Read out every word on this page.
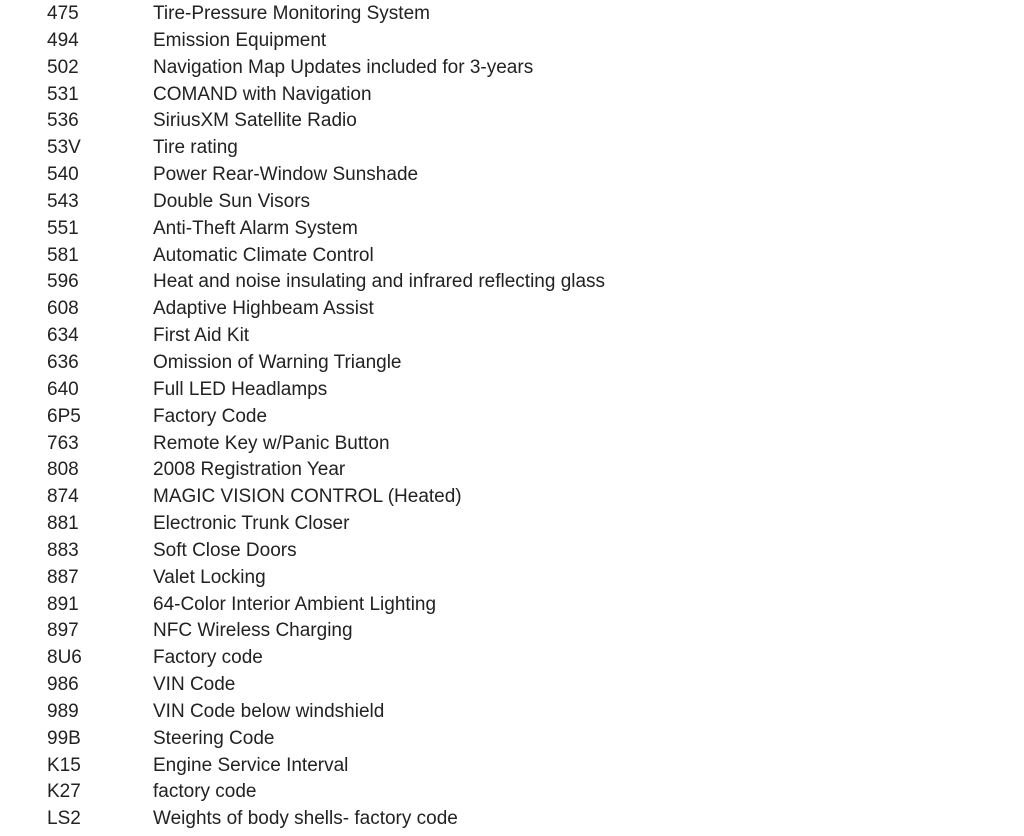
475	Tire-Pressure Monitoring System
494	Emission Equipment
502	Navigation Map Updates included for 3-years
531	COMAND with Navigation
536	SiriusXM Satellite Radio
53V	Tire rating
540	Power Rear-Window Sunshade
543	Double Sun Visors
551	Anti-Theft Alarm System
581	Automatic Climate Control
596	Heat and noise insulating and infrared reflecting glass
608	Adaptive Highbeam Assist
634	First Aid Kit
636	Omission of Warning Triangle
640	Full LED Headlamps
6P5	Factory Code
763	Remote Key w/Panic Button
808	2008 Registration Year
874	MAGIC VISION CONTROL (Heated)
881	Electronic Trunk Closer
883	Soft Close Doors
887	Valet Locking
891	64-Color Interior Ambient Lighting
897	NFC Wireless Charging
8U6	Factory code
986	VIN Code
989	VIN Code below windshield
99B	Steering Code
K15	Engine Service Interval
K27	factory code
LS2	Weights of body shells- factory code
